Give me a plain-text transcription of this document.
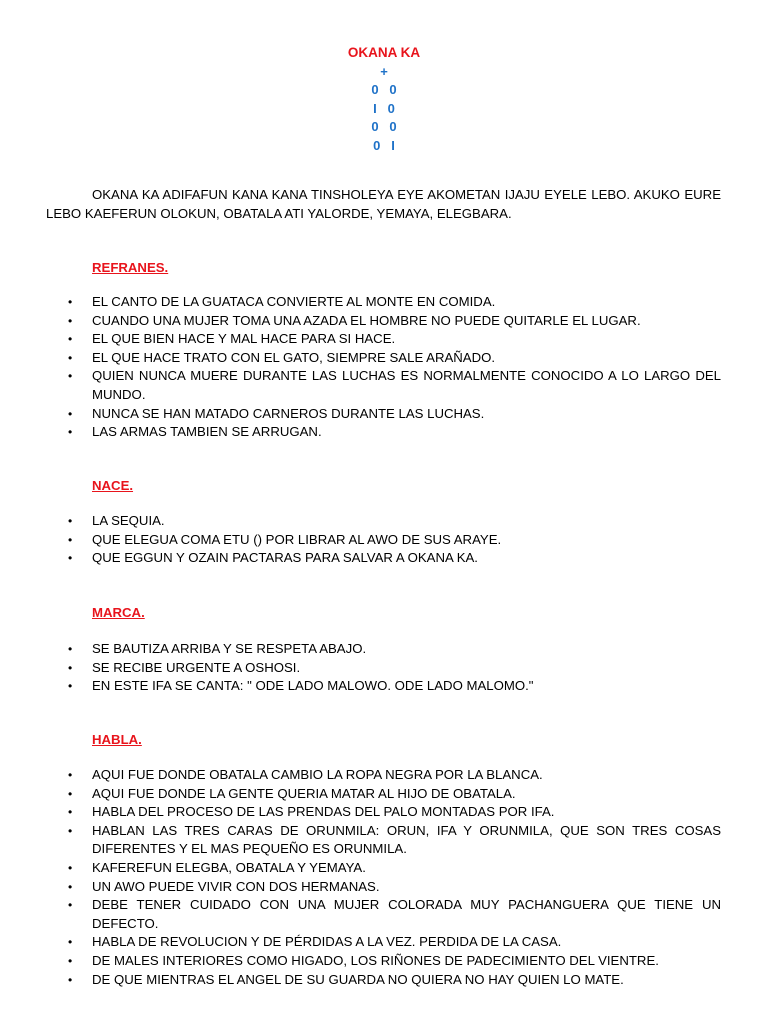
OKANA KA
+
0   0
I   0
0   0
0   I

OKANA KA ADIFAFUN KANA KANA TINSHOLEYA EYE AKOMETAN IJAJU EYELE LEBO. AKUKO EURE LEBO KAEFERUN OLOKUN, OBATALA ATI YALORDE, YEMAYA, ELEGBARA.

REFRANES.
• EL CANTO DE LA GUATACA CONVIERTE AL MONTE EN COMIDA.
• CUANDO UNA MUJER TOMA UNA AZADA EL HOMBRE NO PUEDE QUITARLE EL LUGAR.
• EL QUE BIEN HACE Y MAL HACE PARA SI HACE.
• EL QUE HACE TRATO CON EL GATO, SIEMPRE SALE ARAÑADO.
• QUIEN NUNCA MUERE DURANTE LAS LUCHAS ES NORMALMENTE CONOCIDO A LO LARGO DEL MUNDO.
• NUNCA SE HAN MATADO CARNEROS DURANTE LAS LUCHAS.
• LAS ARMAS TAMBIEN SE ARRUGAN.
NACE.
• LA SEQUIA.
• QUE ELEGUA COMA ETU () POR LIBRAR AL AWO DE SUS ARAYE.
• QUE EGGUN Y OZAIN PACTARAS PARA SALVAR A OKANA KA.
MARCA.
• SE BAUTIZA ARRIBA Y SE RESPETA ABAJO.
• SE RECIBE URGENTE A OSHOSI.
• EN ESTE IFA SE CANTA: " ODE LADO MALOWO. ODE LADO MALOMO."
HABLA.
• AQUI FUE DONDE OBATALA CAMBIO LA ROPA NEGRA POR LA BLANCA.
• AQUI FUE DONDE LA GENTE QUERIA MATAR AL HIJO DE OBATALA.
• HABLA DEL PROCESO DE LAS PRENDAS DEL PALO MONTADAS POR IFA.
• HABLAN LAS TRES CARAS DE ORUNMILA: ORUN, IFA Y ORUNMILA, QUE SON TRES COSAS DIFERENTES Y EL MAS PEQUEÑO ES ORUNMILA.
• KAFEREFUN ELEGBA, OBATALA Y YEMAYA.
• UN AWO PUEDE VIVIR CON DOS HERMANAS.
• DEBE TENER CUIDADO CON UNA MUJER COLORADA MUY PACHANGUERA QUE TIENE UN DEFECTO.
• HABLA DE REVOLUCION Y DE PÉRDIDAS A LA VEZ. PERDIDA DE LA CASA.
• DE MALES INTERIORES COMO HIGADO, LOS RIÑONES DE PADECIMIENTO DEL VIENTRE.
• DE QUE MIENTRAS EL ANGEL DE SU GUARDA NO QUIERA NO HAY QUIEN LO MATE.
